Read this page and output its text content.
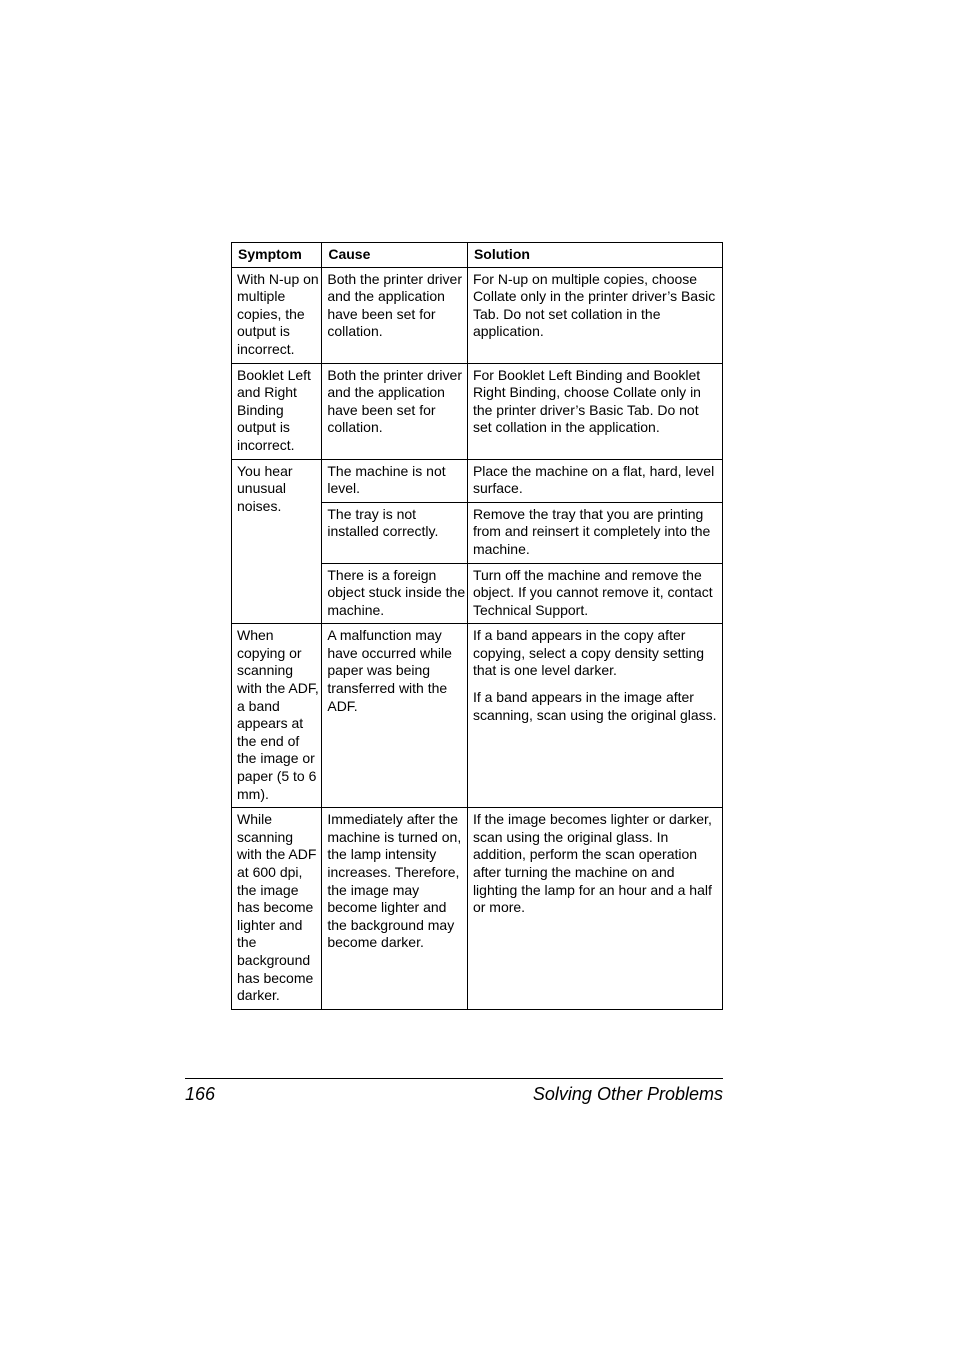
Symptom	Cause	Solution
With N-up on multiple copies, the output is incorrect.	Both the printer driver and the application have been set for collation.	For N-up on multiple copies, choose Collate only in the printer driver’s Basic Tab. Do not set collation in the application.

Booklet Left and Right Binding output is incorrect.	Both the printer driver and the application have been set for collation.	For Booklet Left Binding and Booklet Right Binding, choose Collate only in the printer driver’s Basic Tab. Do not set collation in the application.

You hear unusual noises.	The machine is not level.	Place the machine on a flat, hard, level surface.

	The tray is not installed correctly.	Remove the tray that you are printing from and reinsert it completely into the machine.

	There is a foreign object stuck inside the machine.	Turn off the machine and remove the object. If you cannot remove it, contact Technical Support.

When copying or scanning with the ADF, a band appears at the end of the image or paper (5 to 6 mm).	A malfunction may have occurred while paper was being transferred with the ADF.	If a band appears in the copy after copying, select a copy density setting that is one level darker.

If a band appears in the image after scanning, scan using the original glass.

While scanning with the ADF at 600 dpi, the image has become lighter and the background has become darker.	Immediately after the machine is turned on, the lamp intensity increases. Therefore, the image may become lighter and the background may become darker.	If the image becomes lighter or darker, scan using the original glass. In addition, perform the scan operation after turning the machine on and lighting the lamp for an hour and a half or more.

166	Solving Other Problems
